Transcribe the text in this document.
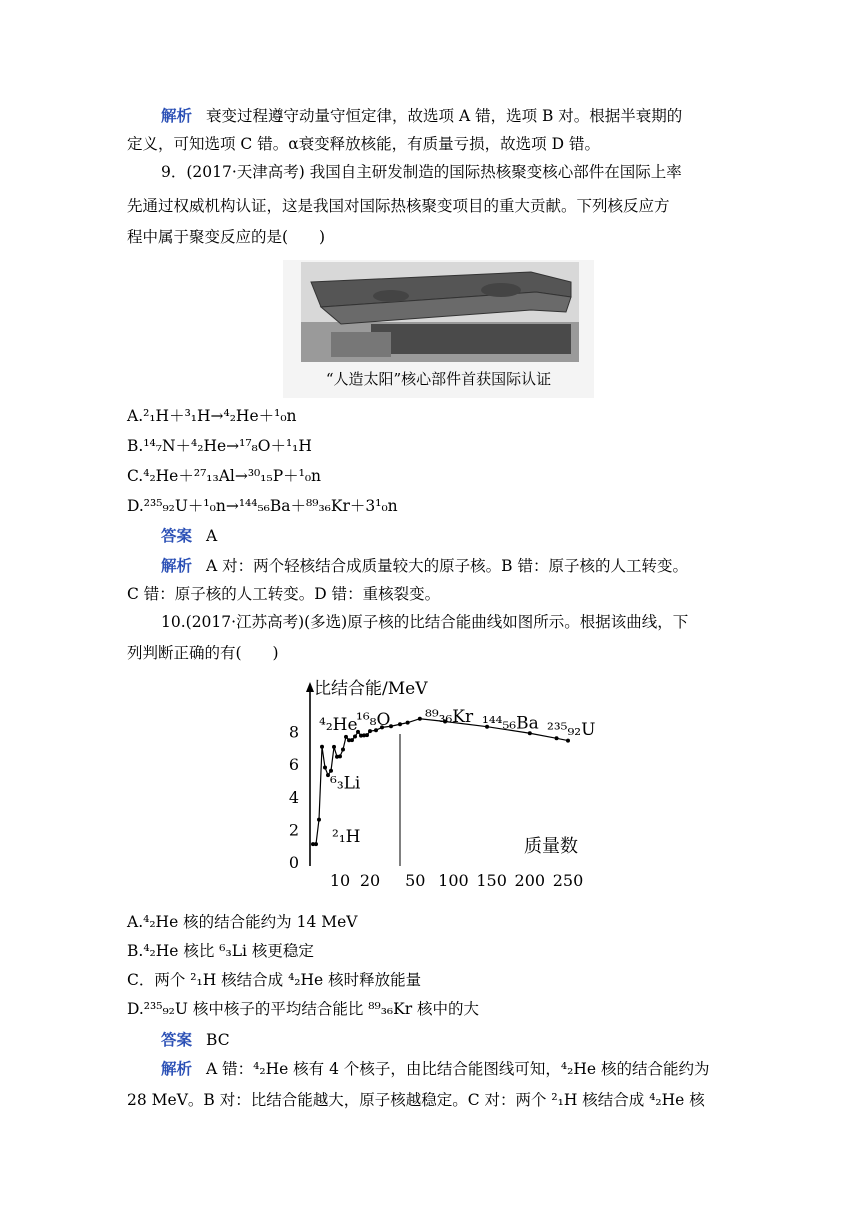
解析 衰变过程遵守动量守恒定律，故选项 A 错，选项 B 对。根据半衰期的
定义，可知选项 C 错。α衰变释放核能，有质量亏损，故选项 D 错。
9．(2017·天津高考) 我国自主研发制造的国际热核聚变核心部件在国际上率
先通过权威机构认证，这是我国对国际热核聚变项目的重大贡献。下列核反应方
程中属于聚变反应的是(　　)
“人造太阳”核心部件首获国际认证
A.²₁H＋³₁H→⁴₂He＋¹₀n
B.¹⁴₇N＋⁴₂He→¹⁷₈O＋¹₁H
C.⁴₂He＋²⁷₁₃Al→³⁰₁₅P＋¹₀n
D.²³⁵₉₂U＋¹₀n→¹⁴⁴₅₆Ba＋⁸⁹₃₆Kr＋3¹₀n
答案 A
解析 A 对：两个轻核结合成质量较大的原子核。B 错：原子核的人工转变。
C 错：原子核的人工转变。D 错：重核裂变。
10.(2017·江苏高考)(多选)原子核的比结合能曲线如图所示。根据该曲线，下
列判断正确的有(　　)
比结合能/MeV
质量数
0
2
4
6
8
10 20 50 100 150 200 250
²₁H
⁴₂He
⁶₃Li
¹⁶₈O ⁸⁹₃₆Kr ¹⁴⁴₅₆Ba ²³⁵₉₂U
A.⁴₂He 核的结合能约为 14 MeV
B.⁴₂He 核比 ⁶₃Li 核更稳定
C．两个 ²₁H 核结合成 ⁴₂He 核时释放能量
D.²³⁵₉₂U 核中核子的平均结合能比 ⁸⁹₃₆Kr 核中的大
答案 BC
解析 A 错：⁴₂He 核有 4 个核子，由比结合能图线可知，⁴₂He 核的结合能约为
28 MeV。B 对：比结合能越大，原子核越稳定。C 对：两个 ²₁H 核结合成 ⁴₂He 核
